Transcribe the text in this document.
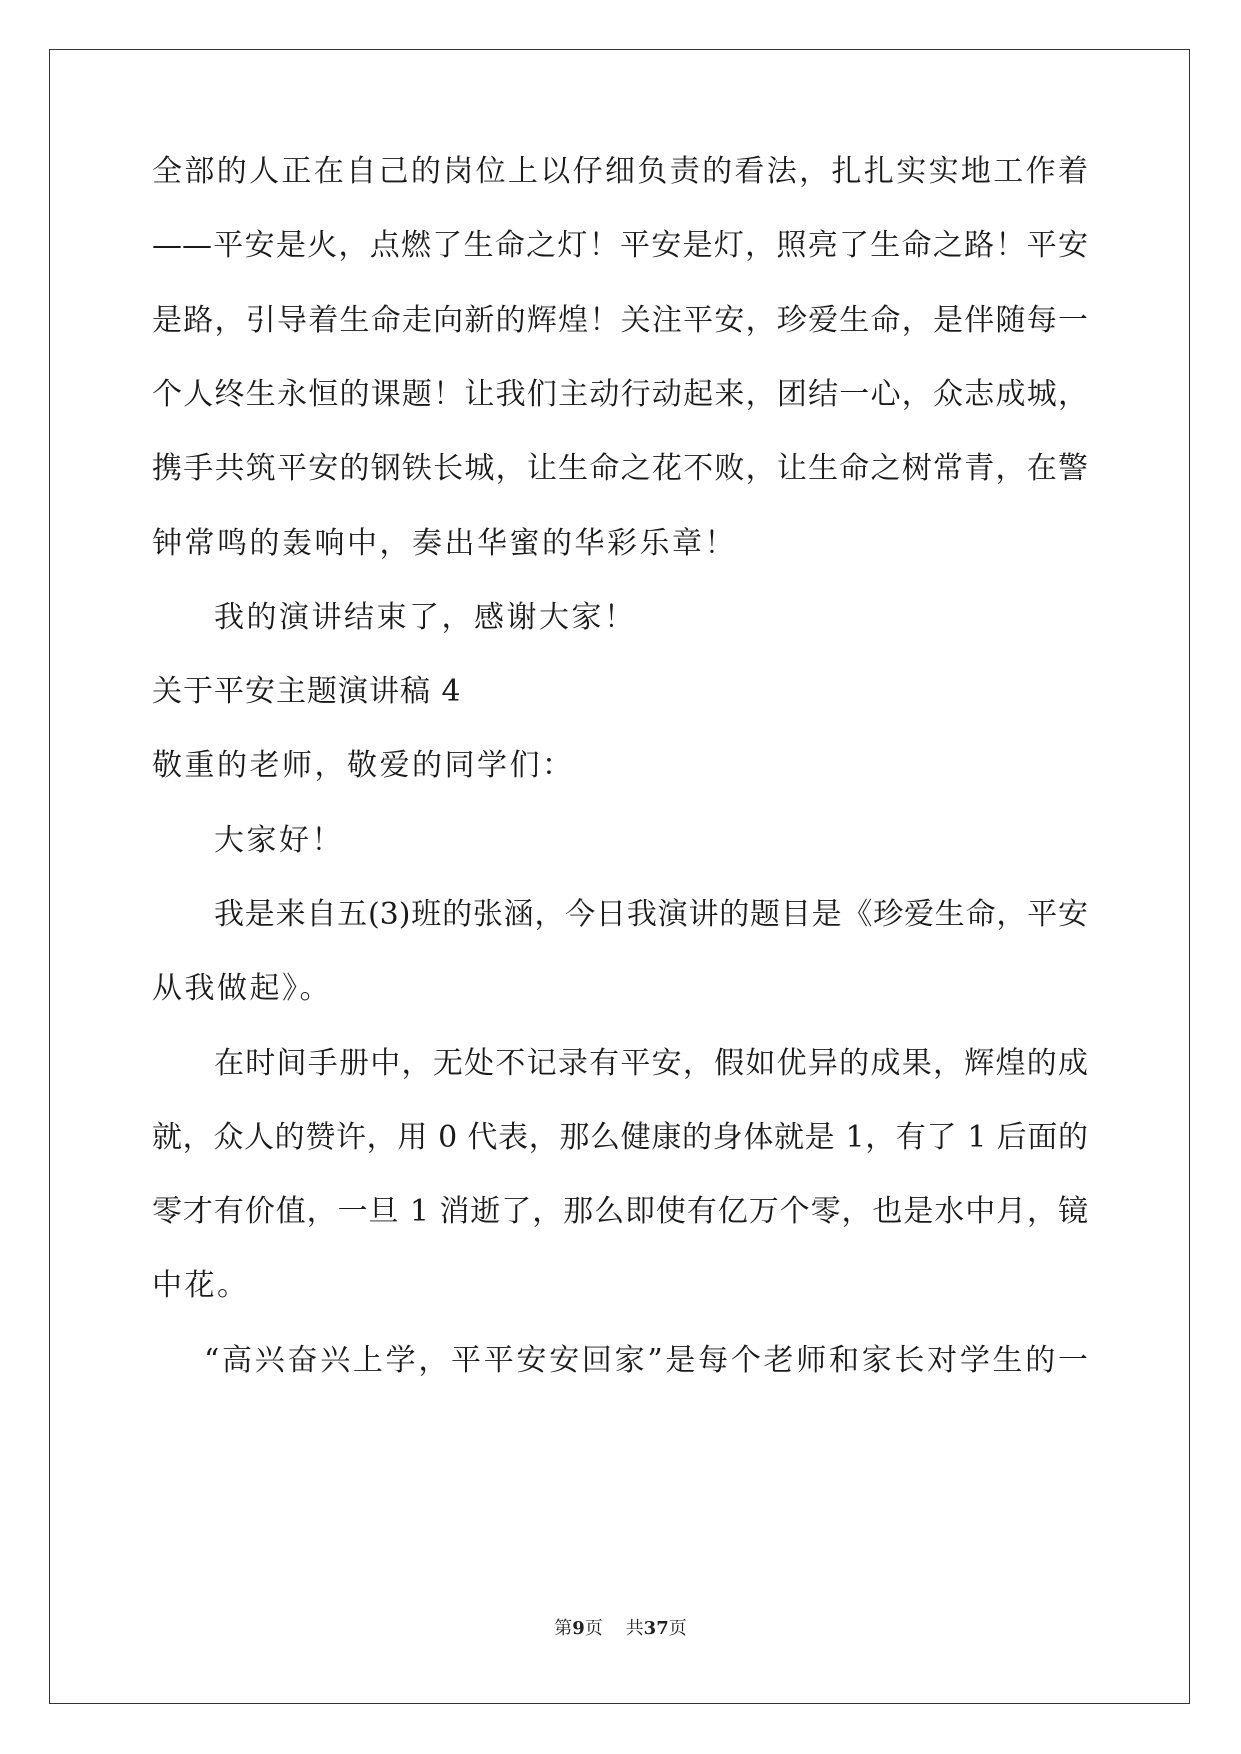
全部的人正在自己的岗位上以仔细负责的看法，扎扎实实地工作着
——平安是火，点燃了生命之灯！平安是灯，照亮了生命之路！平安
是路，引导着生命走向新的辉煌！关注平安，珍爱生命，是伴随每一
个人终生永恒的课题！让我们主动行动起来，团结一心，众志成城，
携手共筑平安的钢铁长城，让生命之花不败，让生命之树常青，在警
钟常鸣的轰响中，奏出华蜜的华彩乐章！
我的演讲结束了，感谢大家！
关于平安主题演讲稿 4
敬重的老师，敬爱的同学们：
大家好！
我是来自五(3)班的张涵，今日我演讲的题目是《珍爱生命，平安
从我做起》。
在时间手册中，无处不记录有平安，假如优异的成果，辉煌的成
就，众人的赞许，用 0 代表，那么健康的身体就是 1，有了 1 后面的
零才有价值，一旦 1 消逝了，那么即使有亿万个零，也是水中月，镜
中花。
“高兴奋兴上学，平平安安回家”是每个老师和家长对学生的一
第9页 共37页
